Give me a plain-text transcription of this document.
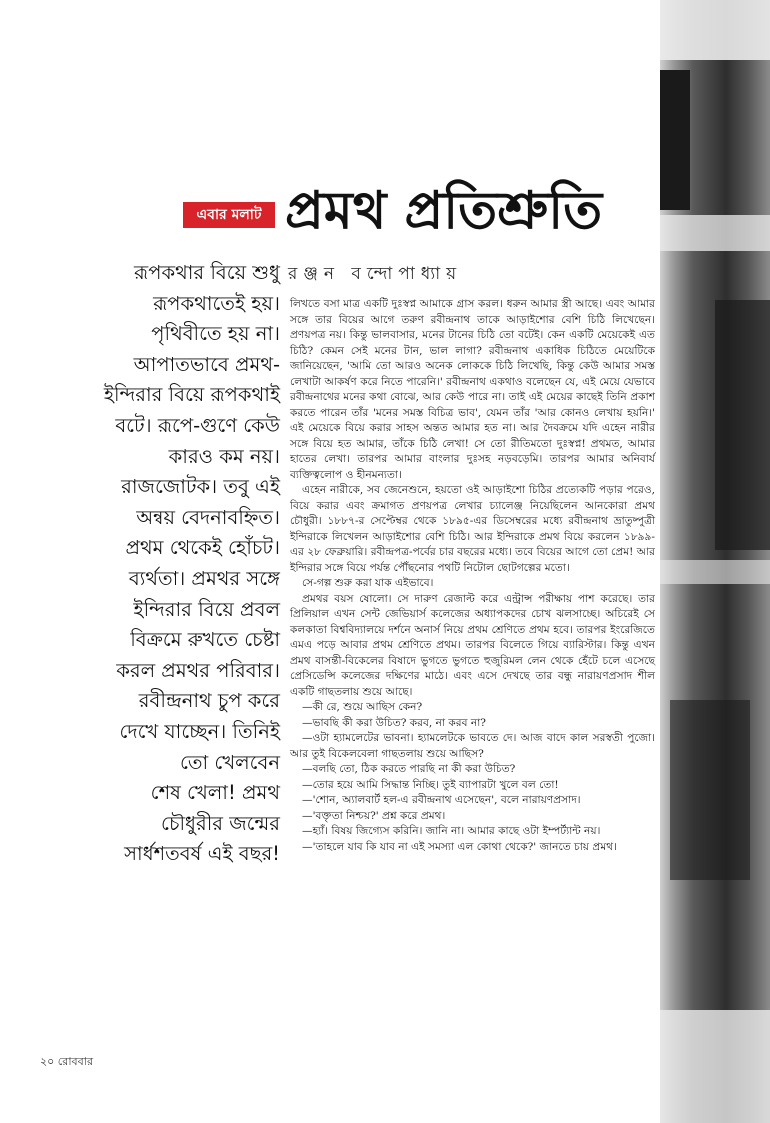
এবার মলাট প্রমথ প্রতিশ্রুতি
রঞ্জন বন্দোপাধ্যায়
রূপকথার বিয়ে শুধু
রূপকথাতেই হয়।
পৃথিবীতে হয় না।
আপাতভাবে প্রমথ-
ইন্দিরার বিয়ে রূপকথাই
বটে। রূপে-গুণে কেউ
কারও কম নয়।
রাজজোটক। তবু এই
অন্বয় বেদনাবহ্নিত।
প্রথম থেকেই হোঁচট।
ব্যর্থতা। প্রমথর সঙ্গে
ইন্দিরার বিয়ে প্রবল
বিক্রমে রুখতে চেষ্টা
করল প্রমথর পরিবার।
রবীন্দ্রনাথ চুপ করে
দেখে যাচ্ছেন। তিনিই
তো খেলবেন
শেষ খেলা! প্রমথ
চৌধুরীর জন্মের
সার্ধশতবর্ষ এই বছর!

লিখতে বসা মাত্র একটি দুঃস্বপ্ন আমাকে গ্রাস করল। ধরুন আমার স্ত্রী আছে। এবং আমার সঙ্গে তার বিয়ের আগে তরুণ রবীন্দ্রনাথ তাকে আড়াইশোর বেশি চিঠি লিখেছেন। প্রণয়পত্র নয়। কিন্তু ভালবাসার, মনের টানের চিঠি তো বটেই। কেন একটি মেয়েকেই এত চিঠি? কেমন সেই মনের টান, ভাল লাগা? রবীন্দ্রনাথ একাধিক চিঠিতে মেয়েটিকে জানিয়েছেন, 'আমি তো আরও অনেক লোককে চিঠি লিখেছি, কিন্তু কেউ আমার সমস্ত লেখাটা আকর্ষণ করে নিতে পারেনি।' রবীন্দ্রনাথ একথাও বলেছেন যে, এই মেয়ে যেভাবে রবীন্দ্রনাথের মনের কথা বোঝে, আর কেউ পারে না। তাই এই মেয়ের কাছেই তিনি প্রকাশ করতে পারেন তাঁর 'মনের সমস্ত বিচিত্র ভাব', যেমন তাঁর 'আর কোনও লেখায় হয়নি।' এই মেয়েকে বিয়ে করার সাহস অন্তত আমার হত না। আর দৈবক্রমে যদি এহেন নারীর সঙ্গে বিয়ে হত আমার, তাঁকে চিঠি লেখা! সে তো রীতিমতো দুঃস্বপ্ন! প্রথমত, আমার হাতের লেখা। তারপর আমার বাংলার দুঃসহ নড়বড়েমি। তারপর আমার অনিবার্য ব্যক্তিত্বলোপ ও হীনমন্যতা।

এহেন নারীকে, সব জেনেশুনে, হয়তো ওই আড়াইশো চিঠির প্রত্যেকটি পড়ার পরেও, বিয়ে করার এবং ক্রমাগত প্রণয়পত্র লেখার চ্যালেঞ্জ নিয়েছিলেন আনকোরা প্রমথ চৌধুরী। ১৮৮৭-র সেপ্টেম্বর থেকে ১৮৯৫-এর ডিসেম্বরের মধ্যে রবীন্দ্রনাথ ভ্রাতুষ্পুত্রী ইন্দিরাকে লিখেলন আড়াইশোর বেশি চিঠি। আর ইন্দিরাকে প্রমথ বিয়ে করলেন ১৮৯৯-এর ২৮ ফেব্রুয়ারি। রবীন্দ্রপত্র-পর্বের চার বছরের মধ্যে। তবে বিয়ের আগে তো প্রেম! আর ইন্দিরার সঙ্গে বিয়ে পর্যন্ত পৌঁছনোর পথটি নিটোল ছোটগল্পের মতো।

সে-গল্প শুরু করা যাক এইভাবে।

প্রমথর বয়স ষোলো। সে দারুণ রেজাল্ট করে এন্ট্রান্স পরীক্ষায় পাশ করেছে। তার প্রিলিয়াল এখন সেন্ট জেভিয়ার্স কলেজের অধ্যাপকদের চোখ ঝলসাচ্ছে। অচিরেই সে কলকাতা বিশ্ববিদ্যালয়ে দর্শনে অনার্স নিয়ে প্রথম শ্রেণিতে প্রথম হবে। তারপর ইংরেজিতে এমএ পড়ে আবার প্রথম শ্রেণিতে প্রথম। তারপর বিলেতে গিয়ে ব্যারিস্টার। কিন্তু এখন প্রমথ বাসন্তী-বিকেলের বিষাদে ভুগতে ভুগতে হুজুরিমল লেন থেকে হেঁটে চলে এসেছে প্রেসিডেন্সি কলেজের দক্ষিণের মাঠে। এবং এসে দেখছে তার বন্ধু নারায়ণপ্রসাদ শীল একটি গাছতলায় শুয়ে আছে।

—কী রে, শুয়ে আছিস কেন?

—ভাবছি কী করা উচিত? করব, না করব না?

—ওটা হ্যামলেটের ভাবনা। হ্যামলেটকে ভাবতে দে। আজ বাদে কাল সরস্বতী পুজো। আর তুই বিকেলবেলা গাছতলায় শুয়ে আছিস?

—বলছি তো, ঠিক করতে পারছি না কী করা উচিত?

—তোর হয়ে আমি সিদ্ধান্ত নিচ্ছি। তুই ব্যাপারটা খুলে বল তো!

—'শোন, অ্যালবার্ট হল-এ রবীন্দ্রনাথ এসেছেন', বলে নারায়ণপ্রসাদ।

—'বক্তৃতা নিশ্চয়?' প্রশ্ন করে প্রমথ।

—হ্যাঁ। বিষয় জিগ্যেস করিনি। জানি না। আমার কাছে ওটা ইম্পর্ট্যান্ট নয়।

—'তাহলে যাব কি যাব না এই সমস্যা এল কোথা থেকে?' জানতে চায় প্রমথ।

২০ রোববার
